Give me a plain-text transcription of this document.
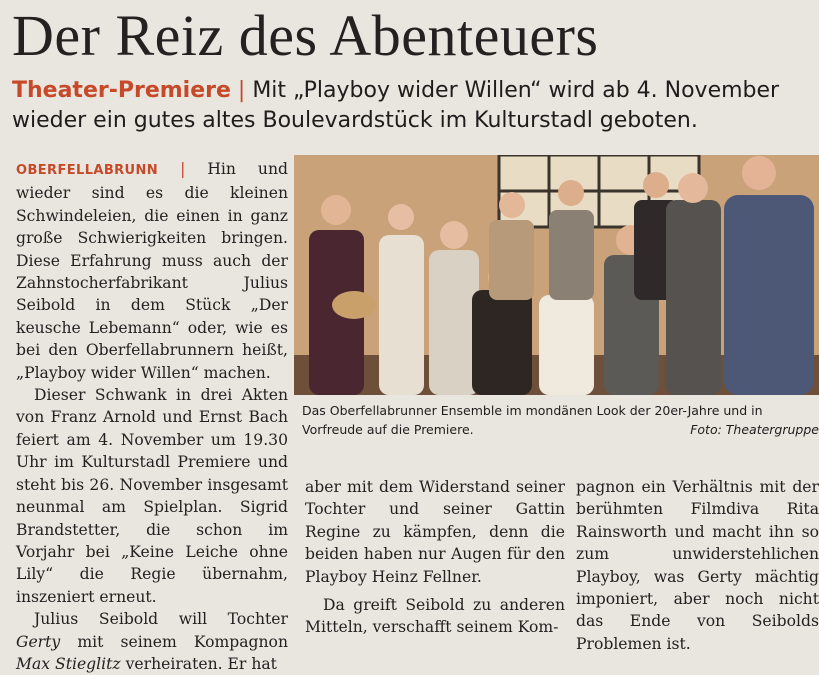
Der Reiz des Abenteuers
Theater-Premiere | Mit „Playboy wider Willen“ wird ab 4. November wieder ein gutes altes Boulevardstück im Kulturstadl geboten.

OBERFELLABRUNN | Hin und wieder sind es die kleinen Schwindeleien, die einen in ganz große Schwierigkeiten bringen. Diese Erfahrung muss auch der Zahnstocherfabrikant Julius Seibold in dem Stück „Der keusche Lebemann“ oder, wie es bei den Oberfellabrunnern heißt, „Playboy wider Willen“ machen.

Dieser Schwank in drei Akten von Franz Arnold und Ernst Bach feiert am 4. November um 19.30 Uhr im Kulturstadl Premiere und steht bis 26. November insgesamt neunmal am Spielplan. Sigrid Brandstetter, die schon im Vorjahr bei „Keine Leiche ohne Lily“ die Regie übernahm, inszeniert erneut.

Julius Seibold will Tochter Gerty mit seinem Kompagnon Max Stieglitz verheiraten. Er hat

Das Oberfellabrunner Ensemble im mondänen Look der 20er-Jahre und in Vorfreude auf die Premiere.	Foto: Theatergruppe

aber mit dem Widerstand seiner Tochter und seiner Gattin Regine zu kämpfen, denn die beiden haben nur Augen für den Playboy Heinz Fellner.

Da greift Seibold zu anderen Mitteln, verschafft seinem Kom-

pagnon ein Verhältnis mit der berühmten Filmdiva Rita Rainsworth und macht ihn so zum unwiderstehlichen Playboy, was Gerty mächtig imponiert, aber noch nicht das Ende von Seibolds Problemen ist.
